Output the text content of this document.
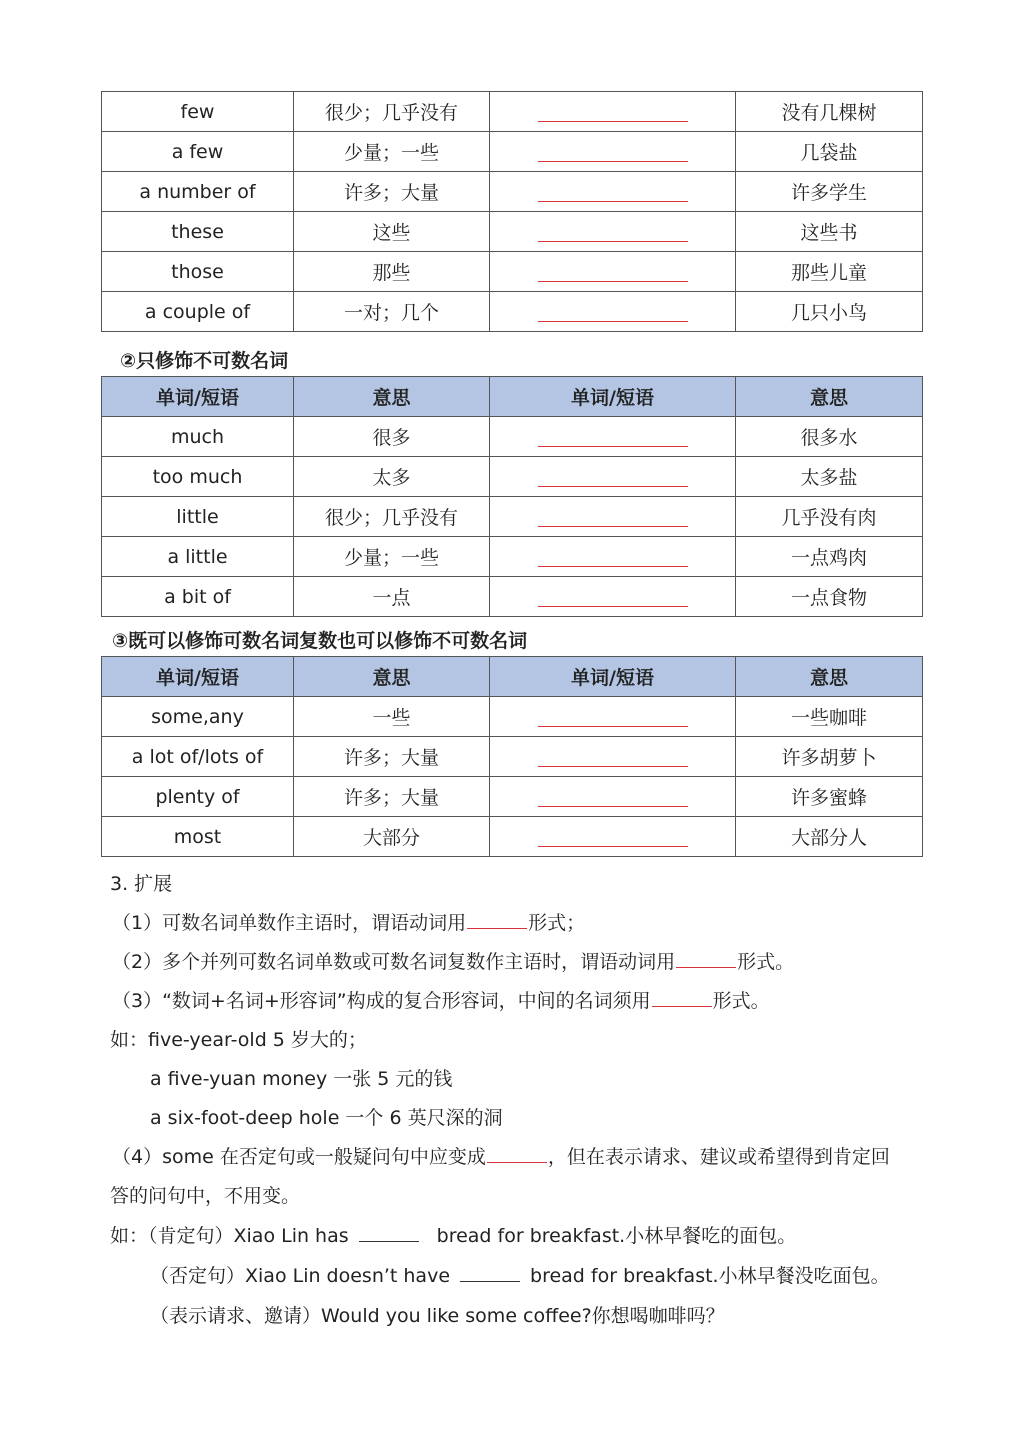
few	很少；几乎没有		没有几棵树
a few	少量；一些		几袋盐
a number of	许多；大量		许多学生
these	这些		这些书
those	那些		那些儿童
a couple of	一对；几个		几只小鸟
②只修饰不可数名词
单词/短语	意思	单词/短语	意思
much	很多		很多水
too much	太多		太多盐
little	很少；几乎没有		几乎没有肉
a little	少量；一些		一点鸡肉
a bit of	一点		一点食物
③既可以修饰可数名词复数也可以修饰不可数名词
单词/短语	意思	单词/短语	意思
some,any	一些		一些咖啡
a lot of/lots of	许多；大量		许多胡萝卜
plenty of	许多；大量		许多蜜蜂
most	大部分		大部分人
3. 扩展
（1）可数名词单数作主语时，谓语动词用	形式；
（2）多个并列可数名词单数或可数名词复数作主语时，谓语动词用	形式。
（3）“数词+名词+形容词”构成的复合形容词，中间的名词须用	形式。
如：five-year-old 5 岁大的；
a five-yuan money 一张 5 元的钱
a six-foot-deep hole 一个 6 英尺深的洞
（4）some 在否定句或一般疑问句中应变成	，但在表示请求、建议或希望得到肯定回
答的问句中，不用变。
如：（肯定句）Xiao Lin has	bread for breakfast.小林早餐吃的面包。
（否定句）Xiao Lin doesn’t have	bread for breakfast.小林早餐没吃面包。
（表示请求、邀请）Would you like some coffee?你想喝咖啡吗？
